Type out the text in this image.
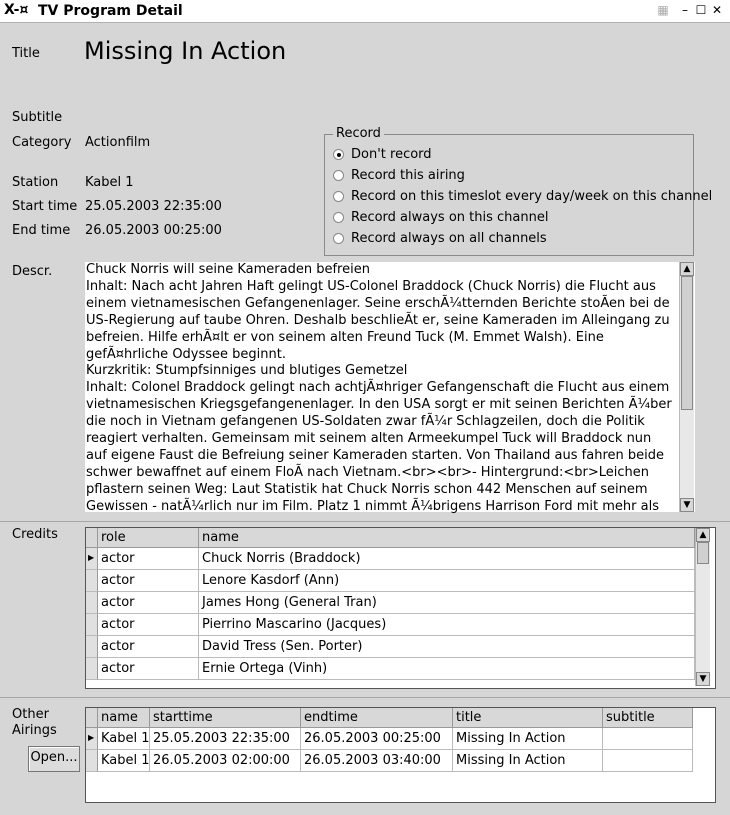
X-¤ TV Program Detail	▦	– ☐ ✕
Title Missing In Action
Subtitle
Category Actionfilm
Station Kabel 1
Start time 25.05.2003 22:35:00
End time 26.05.2003 00:25:00
Record
Don't record
Record this airing
Record on this timeslot every day/week on this channel
Record always on this channel
Record always on all channels
Descr.	Chuck Norris will seine Kameraden befreien
Inhalt: Nach acht Jahren Haft gelingt US-Colonel Braddock (Chuck Norris) die Flucht aus einem vietnamesischen Gefangenenlager. Seine erschÃ¼tternden Berichte stoÃen bei de US-Regierung auf taube Ohren. Deshalb beschlieÃt er, seine Kameraden im Alleingang zu befreien. Hilfe erhÃ¤lt er von seinem alten Freund Tuck (M. Emmet Walsh). Eine gefÃ¤hrliche Odyssee beginnt.
Kurzkritik: Stumpfsinniges und blutiges Gemetzel
Inhalt: Colonel Braddock gelingt nach achtjÃ¤hriger Gefangenschaft die Flucht aus einem vietnamesischen Kriegsgefangenenlager. In den USA sorgt er mit seinen Berichten Ã¼ber die noch in Vietnam gefangenen US-Soldaten zwar fÃ¼r Schlagzeilen, doch die Politik reagiert verhalten. Gemeinsam mit seinem alten Armeekumpel Tuck will Braddock nun auf eigene Faust die Befreiung seiner Kameraden starten. Von Thailand aus fahren beide schwer bewaffnet auf einem FloÃ nach Vietnam.<br><br>- Hintergrund:<br>Leichen pflastern seinen Weg: Laut Statistik hat Chuck Norris schon 442 Menschen auf seinem Gewissen - natÃ¼rlich nur im Film. Platz 1 nimmt Ã¼brigens Harrison Ford mit mehr als
▲
▼
Credits	role	name
▶
actor	Chuck Norris (Braddock)
actor	Lenore Kasdorf (Ann)
actor	James Hong (General Tran)
actor	Pierrino Mascarino (Jacques)
actor	David Tress (Sen. Porter)
actor	Ernie Ortega (Vinh)
▲
▼
Other Airings
Open...
name	starttime	endtime	title	subtitle
▶
Kabel 1 25.05.2003 22:35:00	26.05.2003 00:25:00	Missing In Action
Kabel 1 26.05.2003 02:00:00	26.05.2003 03:40:00	Missing In Action
